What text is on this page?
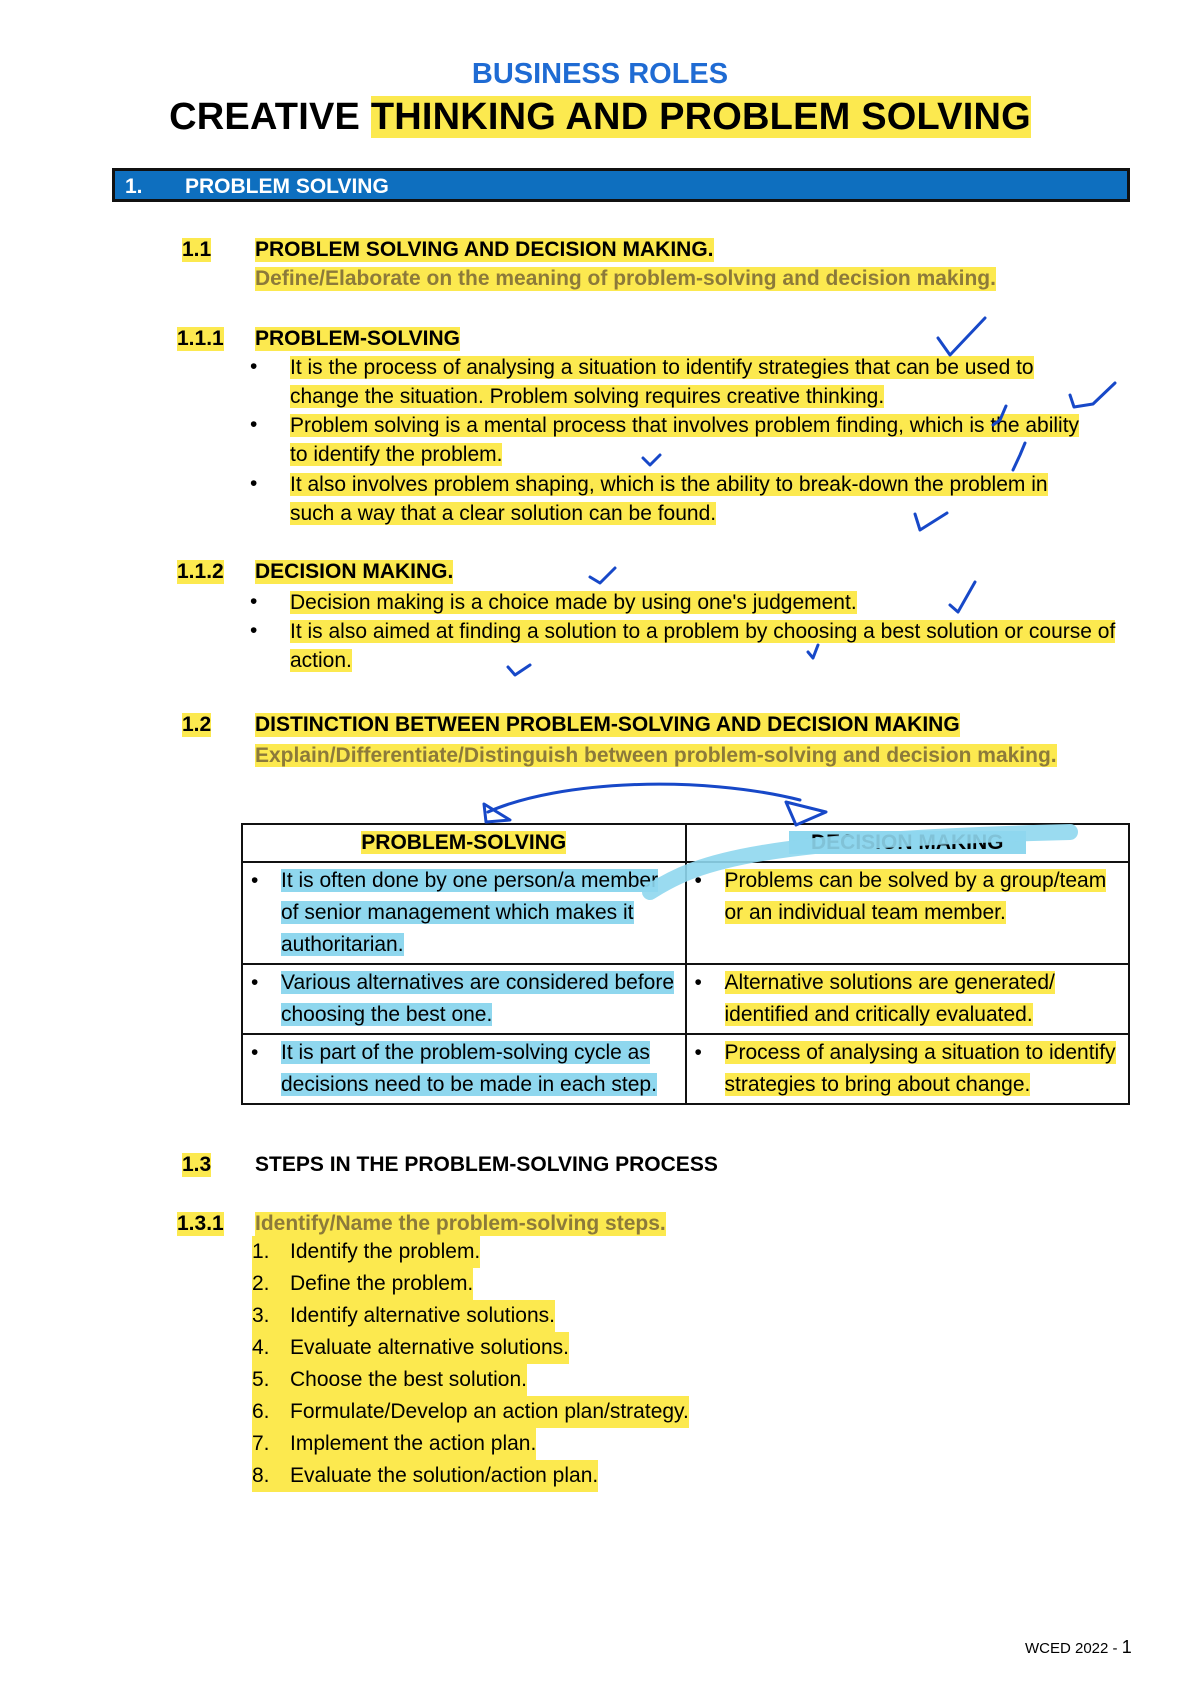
BUSINESS ROLES
CREATIVE THINKING AND PROBLEM SOLVING
1. PROBLEM SOLVING
1.1 PROBLEM SOLVING AND DECISION MAKING.
Define/Elaborate on the meaning of problem-solving and decision making.
1.1.1 PROBLEM-SOLVING
• It is the process of analysing a situation to identify strategies that can be used to change the situation. Problem solving requires creative thinking.
• Problem solving is a mental process that involves problem finding, which is the ability to identify the problem.
• It also involves problem shaping, which is the ability to break-down the problem in such a way that a clear solution can be found.
1.1.2 DECISION MAKING.
• Decision making is a choice made by using one's judgement.
• It is also aimed at finding a solution to a problem by choosing a best solution or course of action.
1.2 DISTINCTION BETWEEN PROBLEM-SOLVING AND DECISION MAKING
Explain/Differentiate/Distinguish between problem-solving and decision making.
PROBLEM-SOLVING	DECISION MAKING

• It is often done by one person/a member of senior management which makes it authoritarian.	• Problems can be solved by a group/team or an individual team member.

• Various alternatives are considered before choosing the best one.	• Alternative solutions are generated/ identified and critically evaluated.

• It is part of the problem-solving cycle as decisions need to be made in each step.	• Process of analysing a situation to identify strategies to bring about change.
1.3 STEPS IN THE PROBLEM-SOLVING PROCESS
1.3.1 Identify/Name the problem-solving steps.
1. Identify the problem.
2. Define the problem.
3. Identify alternative solutions.
4. Evaluate alternative solutions.
5. Choose the best solution.
6. Formulate/Develop an action plan/strategy.
7. Implement the action plan.
8. Evaluate the solution/action plan.
WCED 2022 - 1
